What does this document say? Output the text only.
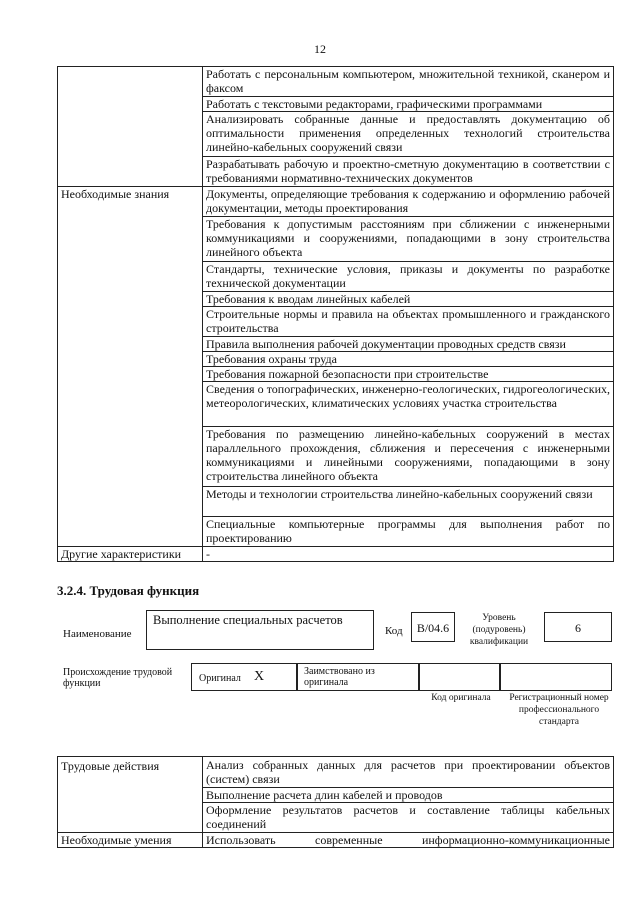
12
	Работать с персональным компьютером, множительной техникой, сканером и факсом
	Работать с текстовыми редакторами, графическими программами
	Анализировать собранные данные и предоставлять документацию об оптимальности применения определенных технологий строительства линейно-кабельных сооружений связи
	Разрабатывать рабочую и проектно-сметную документацию в соответствии с требованиями нормативно-технических документов
Необходимые знания	Документы, определяющие требования к содержанию и оформлению рабочей документации, методы проектирования
	Требования к допустимым расстояниям при сближении с инженерными коммуникациями и сооружениями, попадающими в зону строительства линейного объекта
	Стандарты, технические условия, приказы и документы по разработке технической документации
	Требования к вводам линейных кабелей
	Строительные нормы и правила на объектах промышленного и гражданского строительства
	Правила выполнения рабочей документации проводных средств связи
	Требования охраны труда
	Требования пожарной безопасности при строительстве
	Сведения о топографических, инженерно-геологических, гидрогеологических, метеорологических, климатических условиях участка строительства
	Требования по размещению линейно-кабельных сооружений в местах параллельного прохождения, сближения и пересечения с инженерными коммуникациями и линейными сооружениями, попадающими в зону строительства линейного объекта
	Методы и технологии строительства линейно-кабельных сооружений связи
	Специальные компьютерные программы для выполнения работ по проектированию
Другие характеристики	-
3.2.4. Трудовая функция
Наименование
Выполнение специальных расчетов
Код	B/04.6
Уровень (подуровень) квалификации
6
Происхождение трудовой функции	Оригинал X	Заимствовано из оригинала
Код оригинала	Регистрационный номер профессионального стандарта
Трудовые действия	Анализ собранных данных для расчетов при проектировании объектов (систем) связи
	Выполнение расчета длин кабелей и проводов
	Оформление результатов расчетов и составление таблицы кабельных соединений
Необходимые умения	Использовать современные информационно-коммуникационные
